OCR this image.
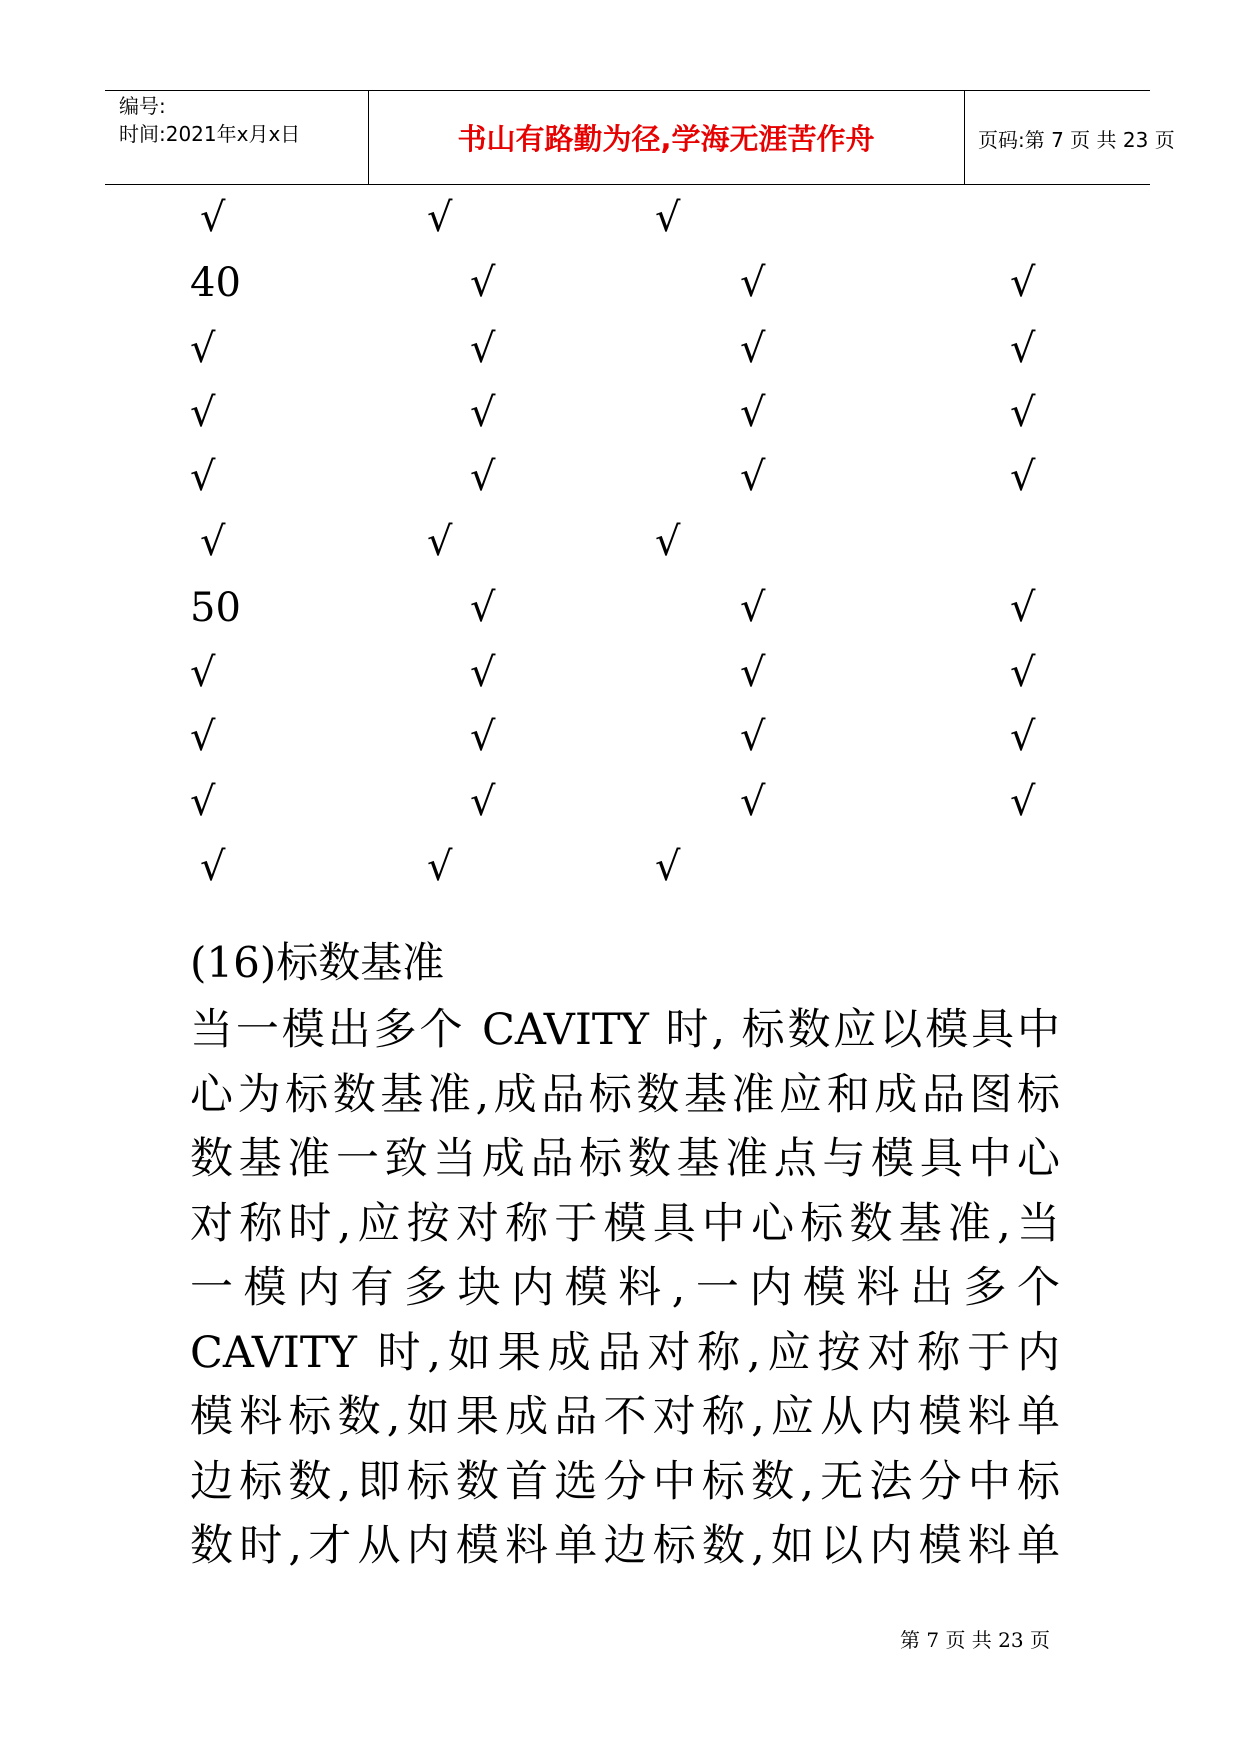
编号:
时间:2021年x月x日	书山有路勤为径,学海无涯苦作舟	页码:第 7 页 共 23 页
√	√	√
40	√	√	√
√	√	√	√
√	√	√	√
√	√	√	√
√	√	√
50	√	√	√
√	√	√	√
√	√	√	√
√	√	√	√
√	√	√
(16)标数基准
当一模出多个 CAVITY 时, 标数应以模具中
心为标数基准,成品标数基准应和成品图标
数基准一致当成品标数基准点与模具中心
对称时,应按对称于模具中心标数基准,当
一模内有多块内模料,一内模料出多个
CAVITY 时,如果成品对称,应按对称于内
模料标数,如果成品不对称,应从内模料单
边标数,即标数首选分中标数,无法分中标
数时,才从内模料单边标数,如以内模料单
第 7 页 共 23 页
